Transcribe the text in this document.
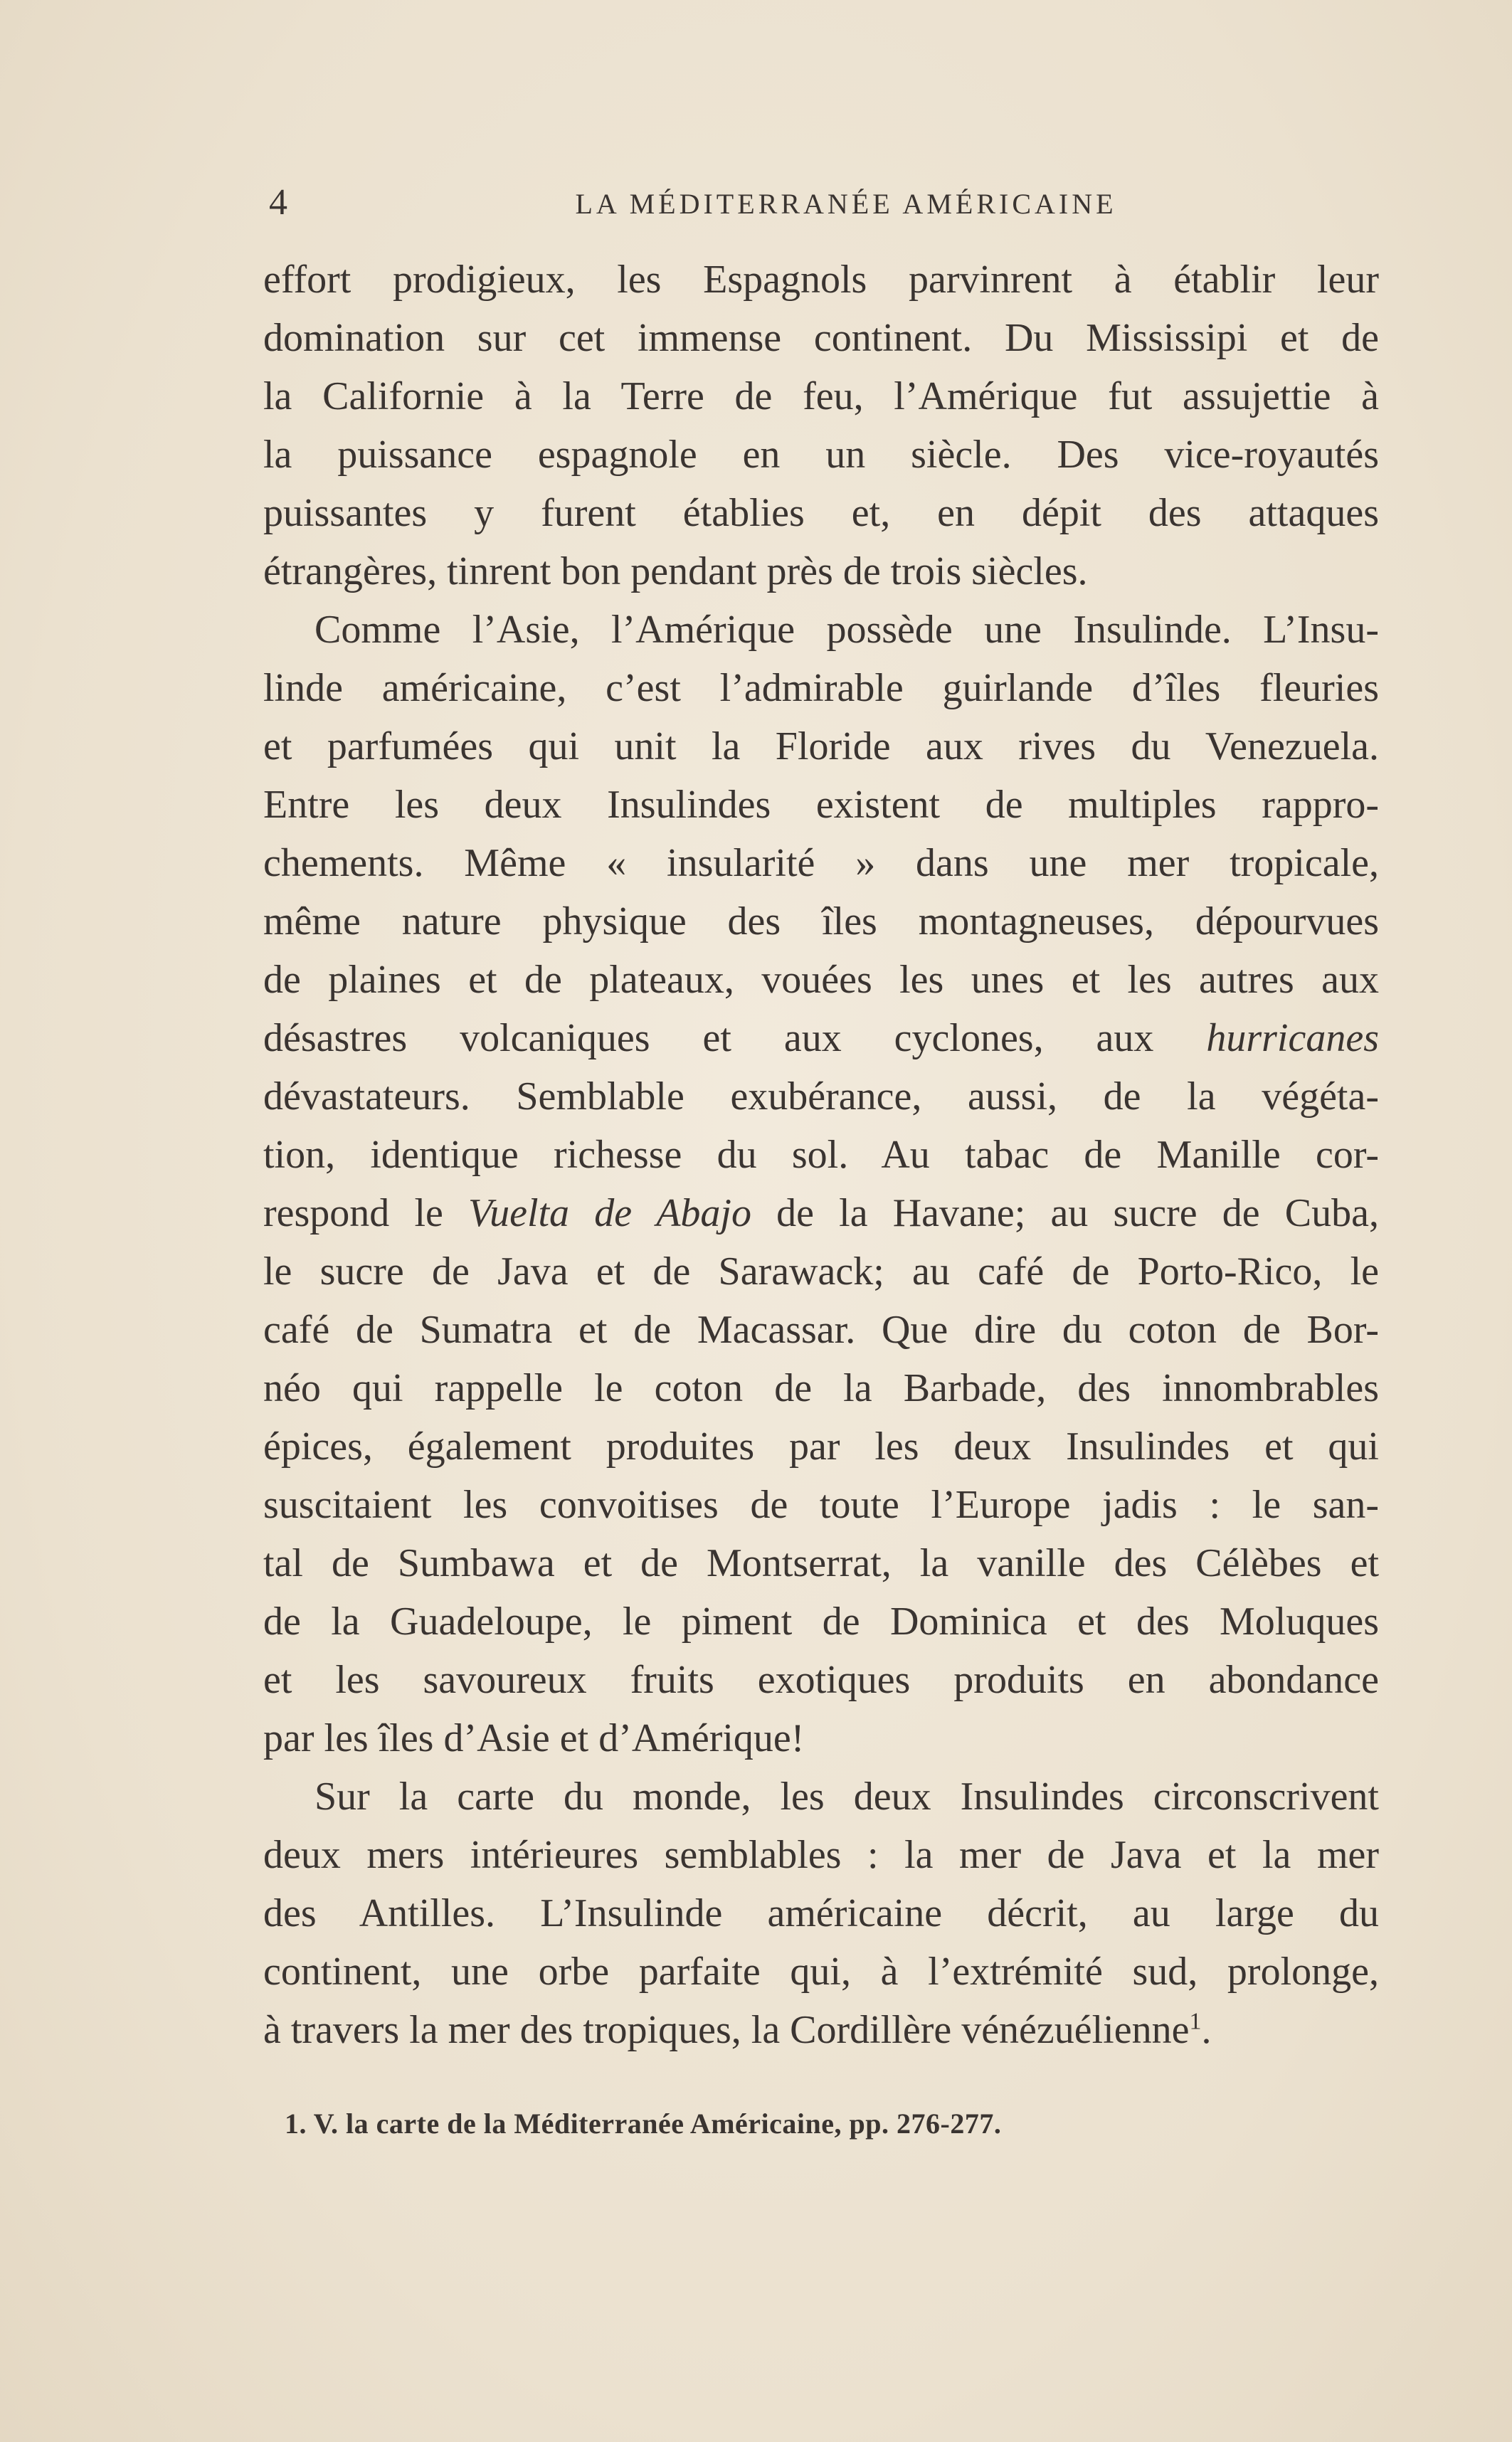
4	LA MÉDITERRANÉE AMÉRICAINE
effort prodigieux, les Espagnols parvinrent à établir leur
domination sur cet immense continent. Du Mississipi et de
la Californie à la Terre de feu, l’Amérique fut assujettie à
la puissance espagnole en un siècle. Des vice-royautés
puissantes y furent établies et, en dépit des attaques
étrangères, tinrent bon pendant près de trois siècles.
Comme l’Asie, l’Amérique possède une Insulinde. L’Insu-
linde américaine, c’est l’admirable guirlande d’îles fleuries
et parfumées qui unit la Floride aux rives du Venezuela.
Entre les deux Insulindes existent de multiples rappro-
chements. Même « insularité » dans une mer tropicale,
même nature physique des îles montagneuses, dépourvues
de plaines et de plateaux, vouées les unes et les autres aux
désastres volcaniques et aux cyclones, aux hurricanes
dévastateurs. Semblable exubérance, aussi, de la végéta-
tion, identique richesse du sol. Au tabac de Manille cor-
respond le Vuelta de Abajo de la Havane; au sucre de Cuba,
le sucre de Java et de Sarawack; au café de Porto-Rico, le
café de Sumatra et de Macassar. Que dire du coton de Bor-
néo qui rappelle le coton de la Barbade, des innombrables
épices, également produites par les deux Insulindes et qui
suscitaient les convoitises de toute l’Europe jadis : le san-
tal de Sumbawa et de Montserrat, la vanille des Célèbes et
de la Guadeloupe, le piment de Dominica et des Moluques
et les savoureux fruits exotiques produits en abondance
par les îles d’Asie et d’Amérique!
Sur la carte du monde, les deux Insulindes circonscrivent
deux mers intérieures semblables : la mer de Java et la mer
des Antilles. L’Insulinde américaine décrit, au large du
continent, une orbe parfaite qui, à l’extrémité sud, prolonge,
à travers la mer des tropiques, la Cordillère vénézuélienne$^1$.
1. V. la carte de la Méditerranée Américaine, pp. 276-277.
